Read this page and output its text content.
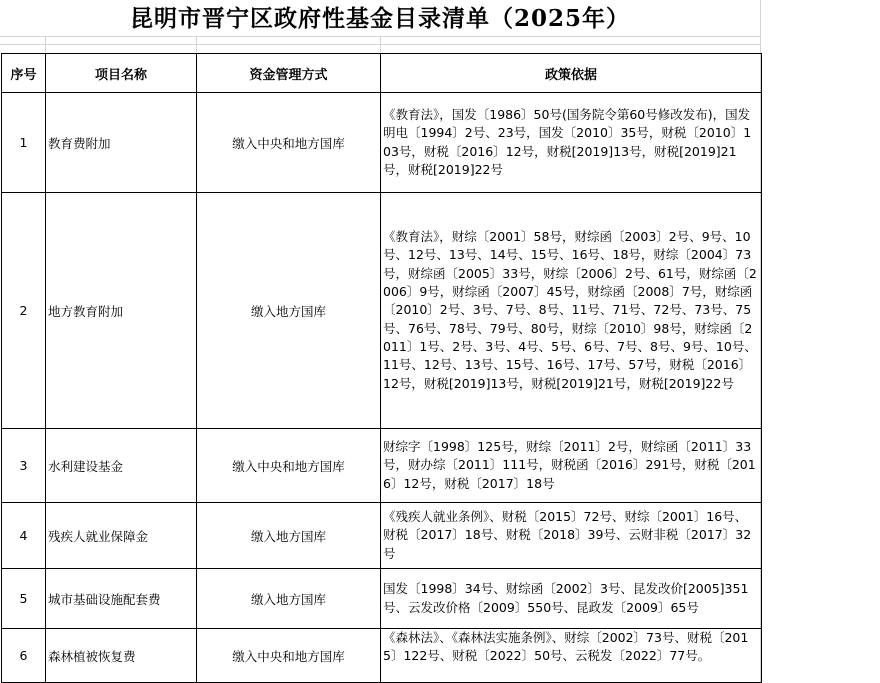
昆明市晋宁区政府性基金目录清单（2025年）
序号	项目名称	资金管理方式	政策依据
1	教育费附加	缴入中央和地方国库	《教育法》，国发〔1986〕50号(国务院令第60号修改发布)，国发明电〔1994〕2号、23号，国发〔2010〕35号，财税〔2010〕103号，财税〔2016〕12号，财税[2019]13号，财税[2019]21号，财税[2019]22号
2	地方教育附加	缴入地方国库	《教育法》，财综〔2001〕58号，财综函〔2003〕2号、9号、10号、12号、13号、14号、15号、16号、18号，财综〔2004〕73号，财综函〔2005〕33号，财综〔2006〕2号、61号，财综函〔2006〕9号，财综函〔2007〕45号，财综函〔2008〕7号，财综函〔2010〕2号、3号、7号、8号、11号、71号、72号、73号、75号、76号、78号、79号、80号，财综〔2010〕98号，财综函〔2011〕1号、2号、3号、4号、5号、6号、7号、8号、9号、10号、11号、12号、13号、15号、16号、17号、57号，财税〔2016〕12号，财税[2019]13号，财税[2019]21号，财税[2019]22号
3	水利建设基金	缴入中央和地方国库	财综字〔1998〕125号，财综〔2011〕2号，财综函〔2011〕33号，财办综〔2011〕111号，财税函〔2016〕291号，财税〔2016〕12号，财税〔2017〕18号
4	残疾人就业保障金	缴入地方国库	《残疾人就业条例》、财税〔2015〕72号、财综〔2001〕16号、财税〔2017〕18号、财税〔2018〕39号、云财非税〔2017〕32号
5	城市基础设施配套费	缴入地方国库	国发〔1998〕34号、财综函〔2002〕3号、昆发改价[2005]351号、云发改价格〔2009〕550号、昆政发〔2009〕65号
6	森林植被恢复费	缴入中央和地方国库	《森林法》、《森林法实施条例》、财综〔2002〕73号、财税〔2015〕122号、财税〔2022〕50号、云税发〔2022〕77号。
